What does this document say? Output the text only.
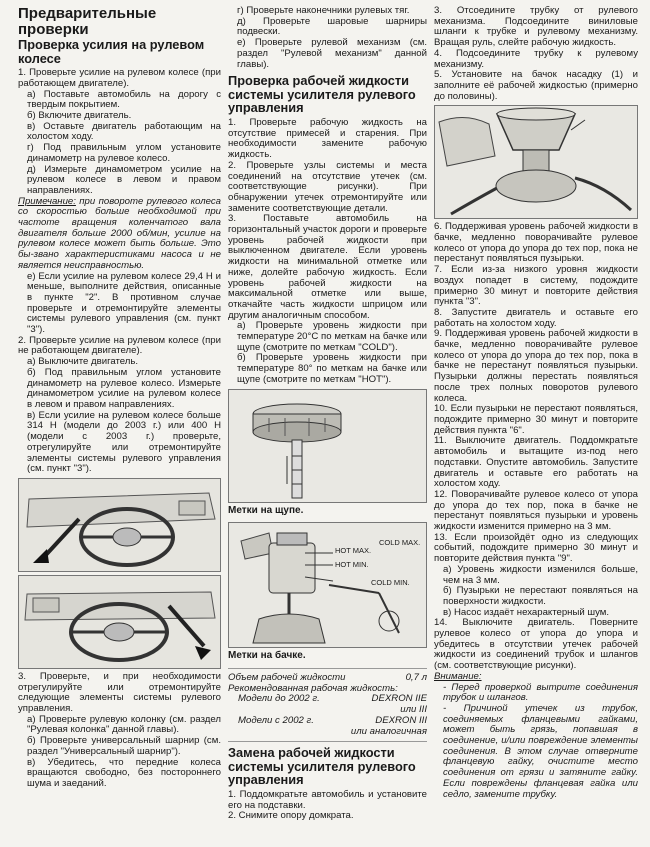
Предварительные
проверки
Проверка усилия на рулевом колесе

1. Проверьте усилие на рулевом колесе (при работающем двигателе).

а) Поставьте автомобиль на дорогу с твердым покрытием.

б) Включите двигатель.

в) Оставьте двигатель работающим на холостом ходу.

г) Под правильным углом установите динамометр на рулевое колесо.

д) Измерьте динамометром усилие на рулевом колесе в левом и правом направлениях.

Примечание: при повороте рулевого колеса со скоростью больше необходимой при частоте вращения коленчатого вала двигателя больше 2000 об/мин, усилие на рулевом колесе может быть больше. Это бы-звано характеристиками насоса и не является неисправностью.

е) Если усилие на рулевом колесе 29,4 Н и меньше, выполните действия, описанные в пункте "2". В противном случае проверьте и отремонтируйте элементы системы рулевого управления (см. пункт "3").

2. Проверьте усилие на рулевом колесе (при не работающем двигателе).

а) Выключите двигатель.

б) Под правильным углом установите динамометр на рулевое колесо. Измерьте динамометром усилие на рулевом колесе в левом и правом направлениях.

в) Если усилие на рулевом колесе больше 314 Н (модели до 2003 г.) или 400 Н (модели с 2003 г.) проверьте, отрегулируйте или отремонтируйте элементы системы рулевого управления (см. пункт "3").

3. Проверьте, и при необходимости отрегулируйте или отремонтируйте следующие элементы системы рулевого управления.

а) Проверьте рулевую колонку (см. раздел "Рулевая колонка" данной главы).

б) Проверьте универсальный шарнир (см. раздел "Универсальный шарнир").

в) Убедитесь, что передние колеса вращаются свободно, без постороннего шума и заеданий.

г) Проверьте наконечники рулевых тяг.

д) Проверьте шаровые шарниры подвески.

е) Проверьте рулевой механизм (см. раздел "Рулевой механизм" данной главы).

Проверка рабочей жидкости системы усилителя рулевого управления

1. Проверьте рабочую жидкость на отсутствие примесей и старения. При необходимости замените рабочую жидкость.

2. Проверьте узлы системы и места соединений на отсутствие утечек (см. соответствующие рисунки). При обнаружении утечек отремонтируйте или замените соответствующие детали.

3. Поставьте автомобиль на горизонтальный участок дороги и проверьте уровень рабочей жидкости при выключенном двигателе. Если уровень жидкости на минимальной отметке или ниже, долейте рабочую жидкость. Если уровень рабочей жидкости на максимальной отметке или выше, откачайте часть жидкости шприцом или другим аналогичным способом.

а) Проверьте уровень жидкости при температуре 20°C по меткам на бачке или щупе (смотрите по меткам "COLD").

б) Проверьте уровень жидкости при температуре 80° по меткам на бачке или щупе (смотрите по меткам "HOT").

Метки на щупе.
HOT MAX.
COLD MAX.
HOT MIN.
COLD MIN.
Метки на бачке.
Объем рабочей жидкости	0,7 л

Рекомендованная рабочая жидкость:

Модели до 2002 г.	DEXRON IIE
или III
Модели с 2002 г.	DEXRON III
или аналогичная
Замена рабочей жидкости системы усилителя рулевого управления

1. Поддомкратьте автомобиль и установите его на подставки.

2. Снимите опору домкрата.

3. Отсоедините трубку от рулевого механизма. Подсоедините виниловые шланги к трубке и рулевому механизму. Вращая руль, слейте рабочую жидкость.

4. Подсоедините трубку к рулевому механизму.

5. Установите на бачок насадку (1) и заполните её рабочей жидкостью (примерно до половины).

6. Поддерживая уровень рабочей жидкости в бачке, медленно поворачивайте рулевое колесо от упора до упора до тех пор, пока не перестанут появляться пузырьки.

7. Если из-за низкого уровня жидкости воздух попадет в систему, подождите примерно 30 минут и повторите действия пункта "3".

8. Запустите двигатель и оставьте его работать на холостом ходу.

9. Поддерживая уровень рабочей жидкости в бачке, медленно поворачивайте рулевое колесо от упора до упора до тех пор, пока в бачке не перестанут появляться пузырьки. Пузырьки должны перестать появляться после трех полных поворотов рулевого колеса.

10. Если пузырьки не перестают появляться, подождите примерно 30 минут и повторите действия пункта "6".

11. Выключите двигатель. Поддомкратьте автомобиль и вытащите из-под него подставки. Опустите автомобиль. Запустите двигатель и оставьте его работать на холостом ходу.

12. Поворачивайте рулевое колесо от упора до упора до тех пор, пока в бачке не перестанут появляться пузырьки и уровень жидкости изменится примерно на 3 мм.

13. Если произойдёт одно из следующих событий, подождите примерно 30 минут и повторите действия пункта "9".

а) Уровень жидкости изменился больше, чем на 3 мм.

б) Пузырьки не перестают появляться на поверхности жидкости.

в) Насос издаёт нехарактерный шум.

14. Выключите двигатель. Поверните рулевое колесо от упора до упора и убедитесь в отсутствии утечек рабочей жидкости из соединений трубок и шлангов (см. соответствующие рисунки).

Внимание:

- Перед проверкой вытрите соединения трубок и шлангов.

- Причиной утечек из трубок, соединяемых фланцевыми гайками, может быть грязь, попавшая в соединение, и/или повреждение элементы соединения. В этом случае отверните фланцевую гайку, очистите место соединения от грязи и затяните гайку. Если повреждены фланцевая гайка или седло, замените трубку.
